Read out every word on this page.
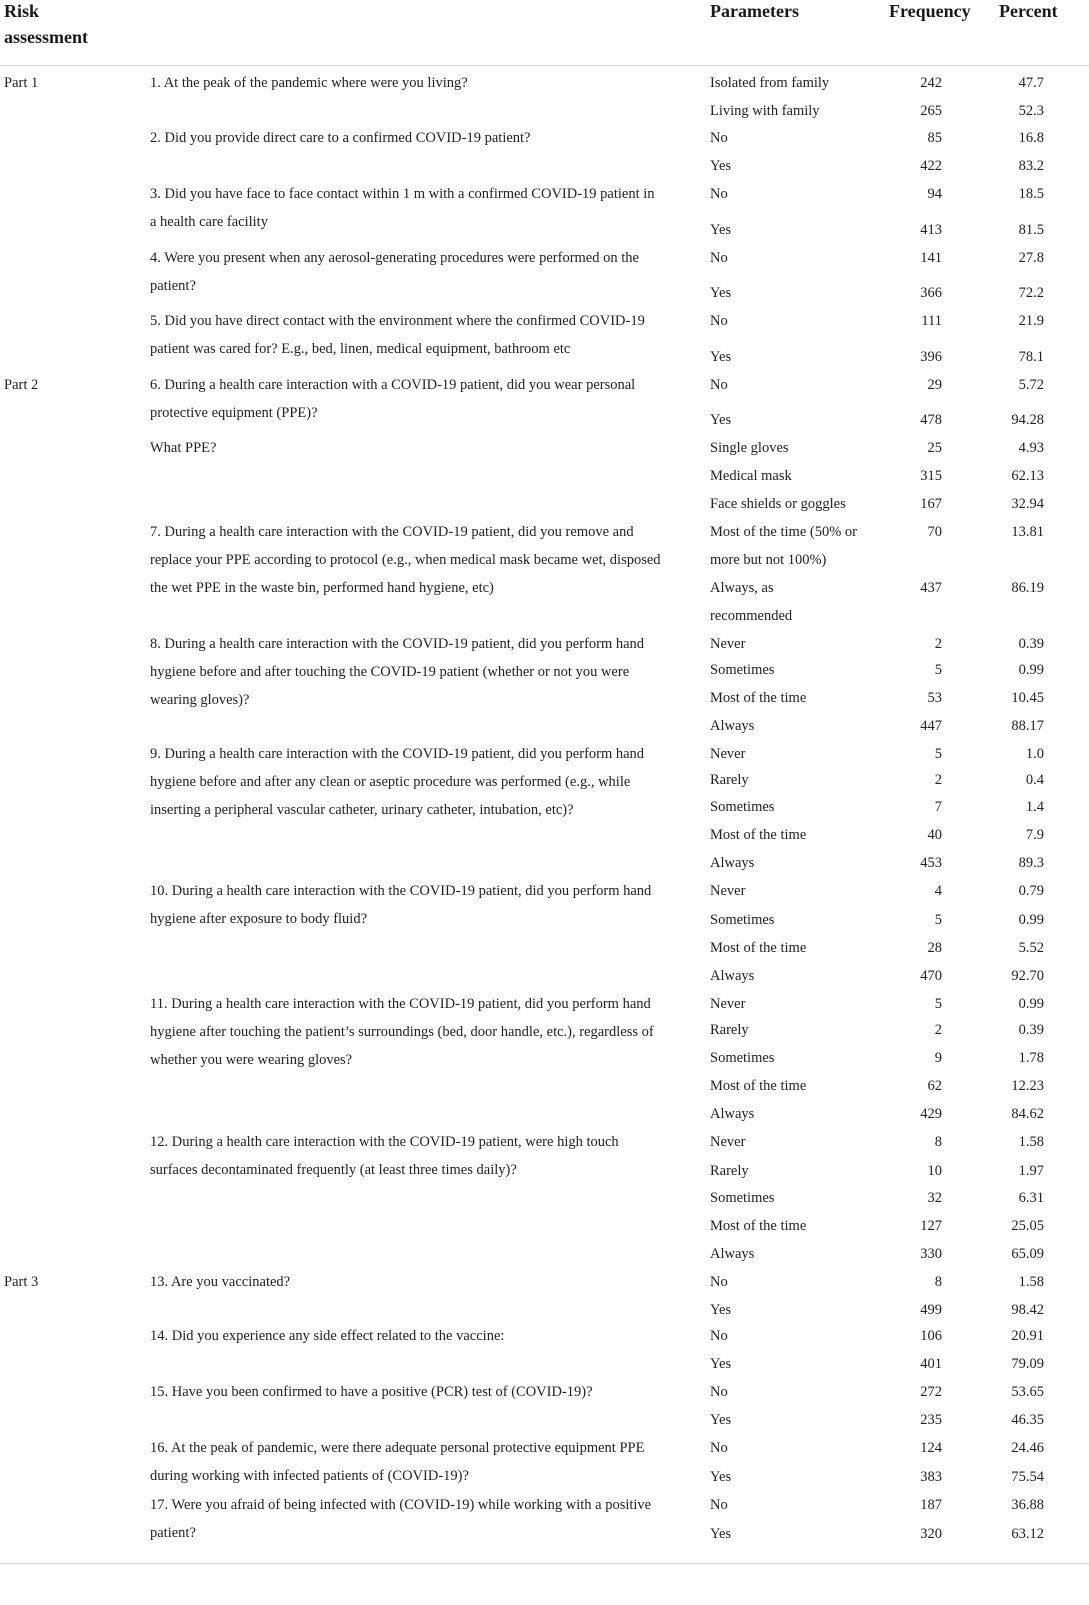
Risk
assessment
Parameters	Frequency Percent
Part 1	1. At the peak of the pandemic where were you living?	Isolated from family	242	47.7
Living with family	265	52.3
2. Did you provide direct care to a confirmed COVID-19 patient?	No	85	16.8
Yes	422	83.2
3. Did you have face to face contact within 1 m with a confirmed COVID-19 patient in
a health care facility
No	94	18.5
Yes	413	81.5
4. Were you present when any aerosol-generating procedures were performed on the
patient?
No	141	27.8
Yes	366	72.2
5. Did you have direct contact with the environment where the confirmed COVID-19
patient was cared for? E.g., bed, linen, medical equipment, bathroom etc
No	111	21.9
Yes	396	78.1
Part 2	6. During a health care interaction with a COVID-19 patient, did you wear personal
protective equipment (PPE)?
No	29	5.72
Yes	478	94.28
What PPE?	Single gloves	25	4.93
Medical mask	315	62.13
Face shields or goggles	167	32.94
7. During a health care interaction with the COVID-19 patient, did you remove and
replace your PPE according to protocol (e.g., when medical mask became wet, disposed
the wet PPE in the waste bin, performed hand hygiene, etc)
Most of the time (50% or
more but not 100%)
70	13.81
Always, as
recommended
437	86.19
8. During a health care interaction with the COVID-19 patient, did you perform hand
hygiene before and after touching the COVID-19 patient (whether or not you were
wearing gloves)?
Never	2	0.39
Sometimes	5	0.99
Most of the time	53	10.45
Always	447	88.17
9. During a health care interaction with the COVID-19 patient, did you perform hand
hygiene before and after any clean or aseptic procedure was performed (e.g., while
inserting a peripheral vascular catheter, urinary catheter, intubation, etc)?
Never	5	1.0
Rarely	2	0.4
Sometimes	7	1.4
Most of the time	40	7.9
Always	453	89.3
10. During a health care interaction with the COVID-19 patient, did you perform hand
hygiene after exposure to body fluid?
Never	4	0.79
Sometimes	5	0.99
Most of the time	28	5.52
Always	470	92.70
11. During a health care interaction with the COVID-19 patient, did you perform hand
hygiene after touching the patient’s surroundings (bed, door handle, etc.), regardless of
whether you were wearing gloves?
Never	5	0.99
Rarely	2	0.39
Sometimes	9	1.78
Most of the time	62	12.23
Always	429	84.62
12. During a health care interaction with the COVID-19 patient, were high touch
surfaces decontaminated frequently (at least three times daily)?
Never	8	1.58
Rarely	10	1.97
Sometimes	32	6.31
Most of the time	127	25.05
Always	330	65.09
Part 3	13. Are you vaccinated?	No	8	1.58
Yes	499	98.42
14. Did you experience any side effect related to the vaccine:	No	106	20.91
Yes	401	79.09
15. Have you been confirmed to have a positive (PCR) test of (COVID-19)?	No	272	53.65
Yes	235	46.35
16. At the peak of pandemic, were there adequate personal protective equipment PPE
during working with infected patients of (COVID-19)?
No	124	24.46
Yes	383	75.54
17. Were you afraid of being infected with (COVID-19) while working with a positive
patient?
No	187	36.88
Yes	320	63.12
